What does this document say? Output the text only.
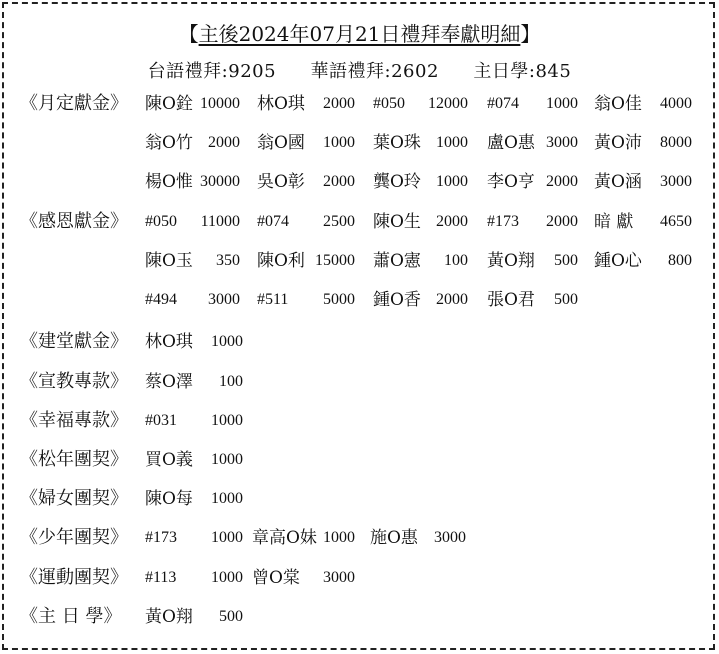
【主後2024年07月21日禮拜奉獻明細】
台語禮拜:9205 華語禮拜:2602 主日學:845
《月定獻金》	陳O銓 10000 林O琪 2000 #050 12000 #074 1000 翁O佳 4000
翁O竹 2000 翁O國 1000 葉O珠 1000 盧O惠 3000 黃O沛 8000
楊O惟 30000 吳O彰 2000 龔O玲 1000 李O亨 2000 黃O涵 3000
《感恩獻金》	#050 11000 #074 2500 陳O生 2000 #173 2000 暗 獻 4650
陳O玉 350 陳O利 15000 蕭O憲 100 黃O翔 500 鍾O心 800
#494 3000 #511 5000 鍾O香 2000 張O君 500
《建堂獻金》	林O琪 1000
《宣教專款》	蔡O澤 100
《幸福專款》	#031 1000
《松年團契》	買O義 1000
《婦女團契》	陳O每 1000
《少年團契》	#173 1000 章高O妹 1000 施O惠 3000
《運動團契》	#113 1000 曾O棠 3000
《主 日 學》	黃O翔 500
